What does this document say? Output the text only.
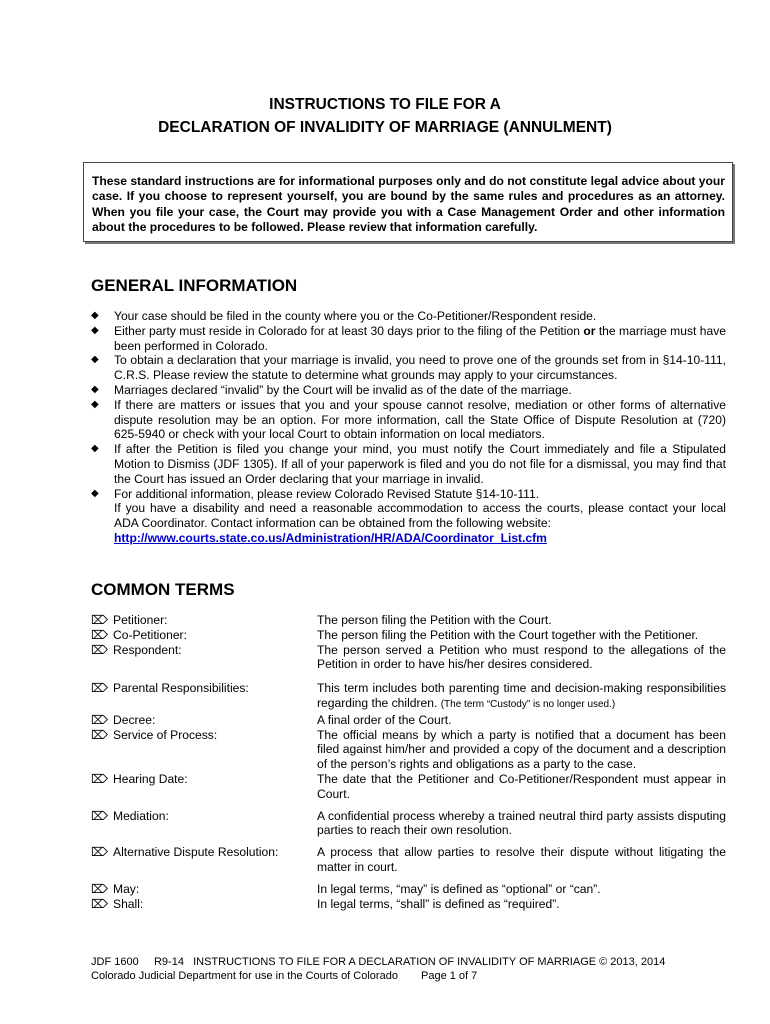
INSTRUCTIONS TO FILE FOR A
DECLARATION OF INVALIDITY OF MARRIAGE (ANNULMENT)
These standard instructions are for informational purposes only and do not constitute legal advice about your case. If you choose to represent yourself, you are bound by the same rules and procedures as an attorney. When you file your case, the Court may provide you with a Case Management Order and other information about the procedures to be followed. Please review that information carefully.
GENERAL INFORMATION
◆ Your case should be filed in the county where you or the Co-Petitioner/Respondent reside.
◆ Either party must reside in Colorado for at least 30 days prior to the filing of the Petition or the marriage must have been performed in Colorado.
◆ To obtain a declaration that your marriage is invalid, you need to prove one of the grounds set from in §14-10-111, C.R.S. Please review the statute to determine what grounds may apply to your circumstances.
◆ Marriages declared “invalid” by the Court will be invalid as of the date of the marriage.
◆ If there are matters or issues that you and your spouse cannot resolve, mediation or other forms of alternative dispute resolution may be an option. For more information, call the State Office of Dispute Resolution at (720) 625-5940 or check with your local Court to obtain information on local mediators.
◆ If after the Petition is filed you change your mind, you must notify the Court immediately and file a Stipulated Motion to Dismiss (JDF 1305). If all of your paperwork is filed and you do not file for a dismissal, you may find that the Court has issued an Order declaring that your marriage in invalid.
◆ For additional information, please review Colorado Revised Statute §14-10-111.
If you have a disability and need a reasonable accommodation to access the courts, please contact your local ADA Coordinator. Contact information can be obtained from the following website:
http://www.courts.state.co.us/Administration/HR/ADA/Coordinator_List.cfm
COMMON TERMS
⌦ Petitioner:	The person filing the Petition with the Court.
⌦ Co-Petitioner:	The person filing the Petition with the Court together with the Petitioner.
⌦ Respondent:	The person served a Petition who must respond to the allegations of the Petition in order to have his/her desires considered.
⌦ Parental Responsibilities:	This term includes both parenting time and decision-making responsibilities regarding the children. (The term “Custody” is no longer used.)
⌦ Decree:	A final order of the Court.
⌦ Service of Process:	The official means by which a party is notified that a document has been filed against him/her and provided a copy of the document and a description of the person’s rights and obligations as a party to the case.
⌦ Hearing Date:	The date that the Petitioner and Co-Petitioner/Respondent must appear in Court.
⌦ Mediation:	A confidential process whereby a trained neutral third party assists disputing parties to reach their own resolution.
⌦ Alternative Dispute Resolution:	A process that allow parties to resolve their dispute without litigating the matter in court.
⌦ May:	In legal terms, “may” is defined as “optional” or “can”.
⌦ Shall:	In legal terms, “shall” is defined as “required”.
JDF 1600     R9-14   INSTRUCTIONS TO FILE FOR A DECLARATION OF INVALIDITY OF MARRIAGE © 2013, 2014
Colorado Judicial Department for use in the Courts of Colorado Page 1 of 7
